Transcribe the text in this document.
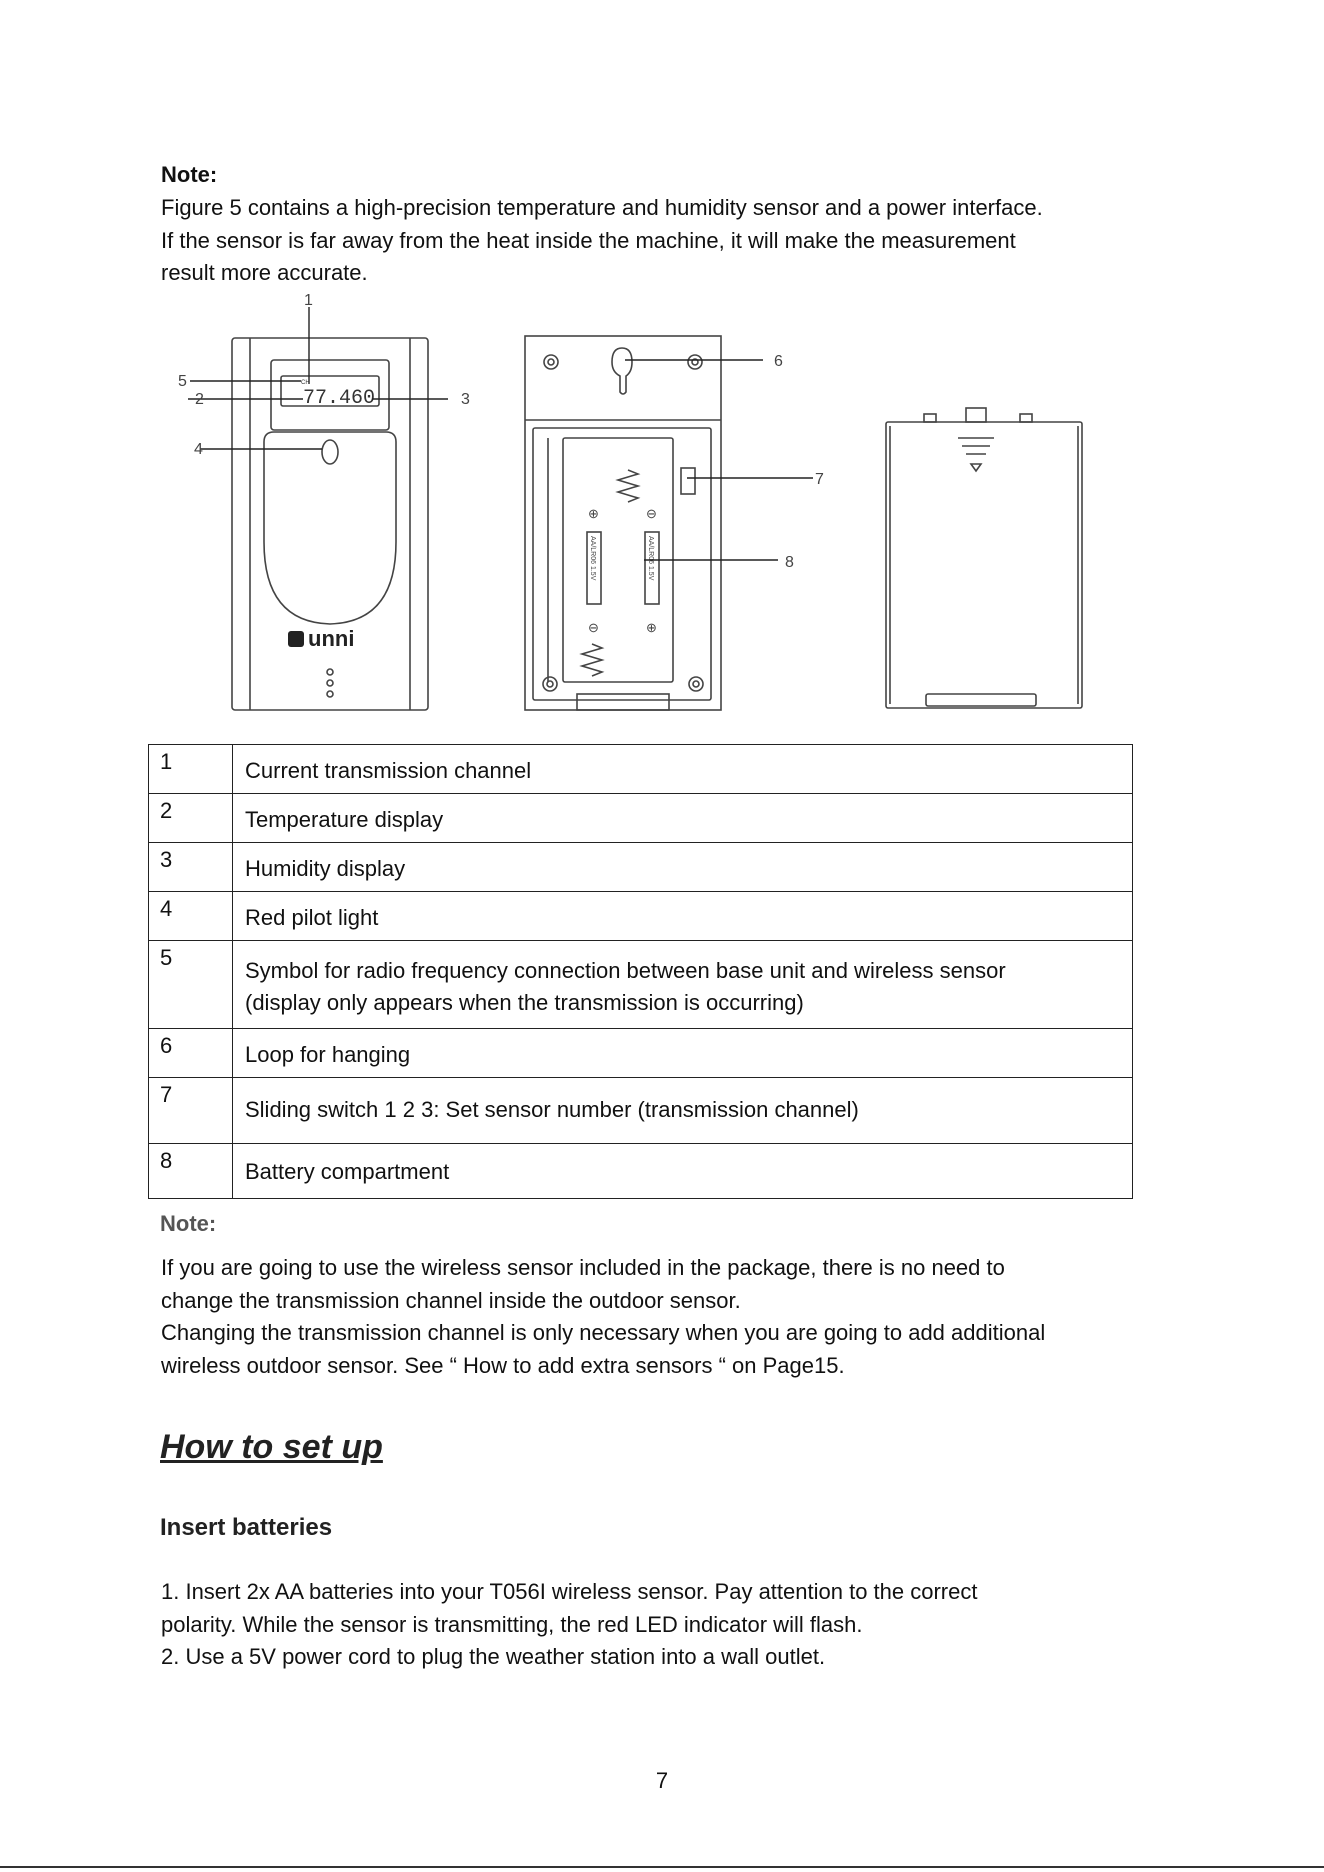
Note:
Figure 5 contains a high-precision temperature and humidity sensor and a power interface.
If the sensor is far away from the heat inside the machine, it will make the measurement
result more accurate.
CH
77.460
unni
1
5
2	3
4
⊕	⊖
⊖	⊕
AA/LR06 1.5V	AA/LR06 1.5V
6
7
8
1	Current transmission channel
2	Temperature display
3	Humidity display
4	Red pilot light
5	Symbol for radio frequency connection between base unit and wireless sensor
(display only appears when the transmission is occurring)

6	Loop for hanging
7	Sliding switch 1 2 3: Set sensor number (transmission channel)
8	Battery compartment
Note:
If you are going to use the wireless sensor included in the package, there is no need to
change the transmission channel inside the outdoor sensor.
Changing the transmission channel is only necessary when you are going to add additional
wireless outdoor sensor. See “ How to add extra sensors “ on Page15.
How to set up
Insert batteries
1. Insert 2x AA batteries into your T056I wireless sensor. Pay attention to the correct
polarity. While the sensor is transmitting, the red LED indicator will flash.
2. Use a 5V power cord to plug the weather station into a wall outlet.
7
